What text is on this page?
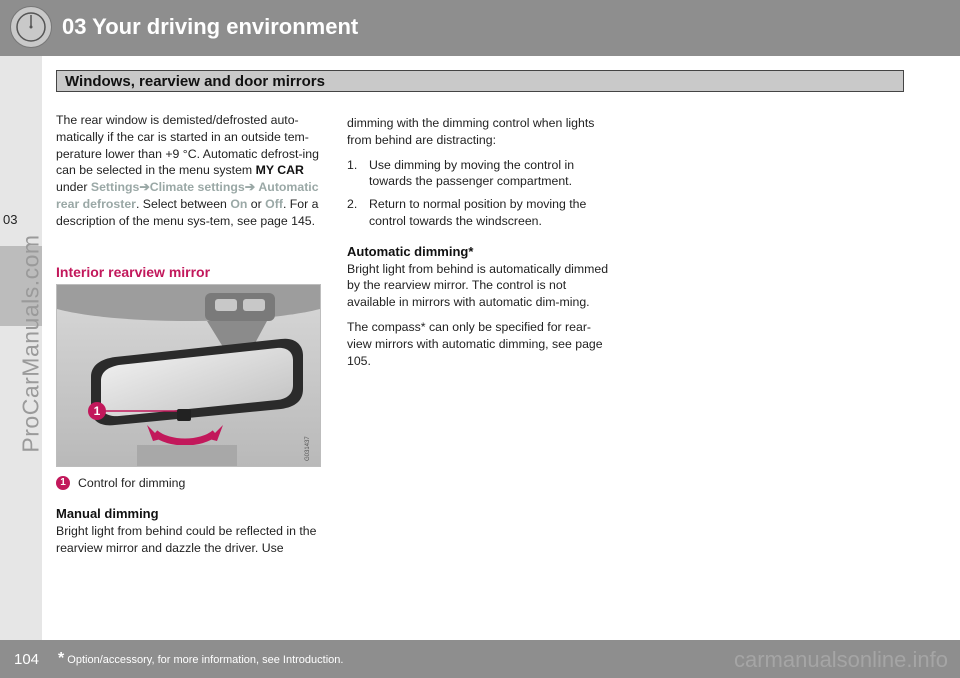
03 Your driving environment
Windows, rearview and door mirrors
03
ProCarManuals.com

The rear window is demisted/defrosted auto-matically if the car is started in an outside tem-perature lower than +9 °C. Automatic defrost-ing can be selected in the menu system MY CAR under Settings➔Climate settings➔ Automatic rear defroster. Select between On or Off. For a description of the menu sys-tem, see page 145.

Interior rearview mirror
1
G031437
1 Control for dimming
Manual dimming
Bright light from behind could be reflected in the rearview mirror and dazzle the driver. Use

dimming with the dimming control when lights from behind are distracting:

1. Use dimming by moving the control in towards the passenger compartment.
2. Return to normal position by moving the control towards the windscreen.
Automatic dimming*

Bright light from behind is automatically dimmed by the rearview mirror. The control is not available in mirrors with automatic dim-ming.

The compass* can only be specified for rear-view mirrors with automatic dimming, see page 105.

104 * Option/accessory, for more information, see Introduction.	carmanualsonline.info
